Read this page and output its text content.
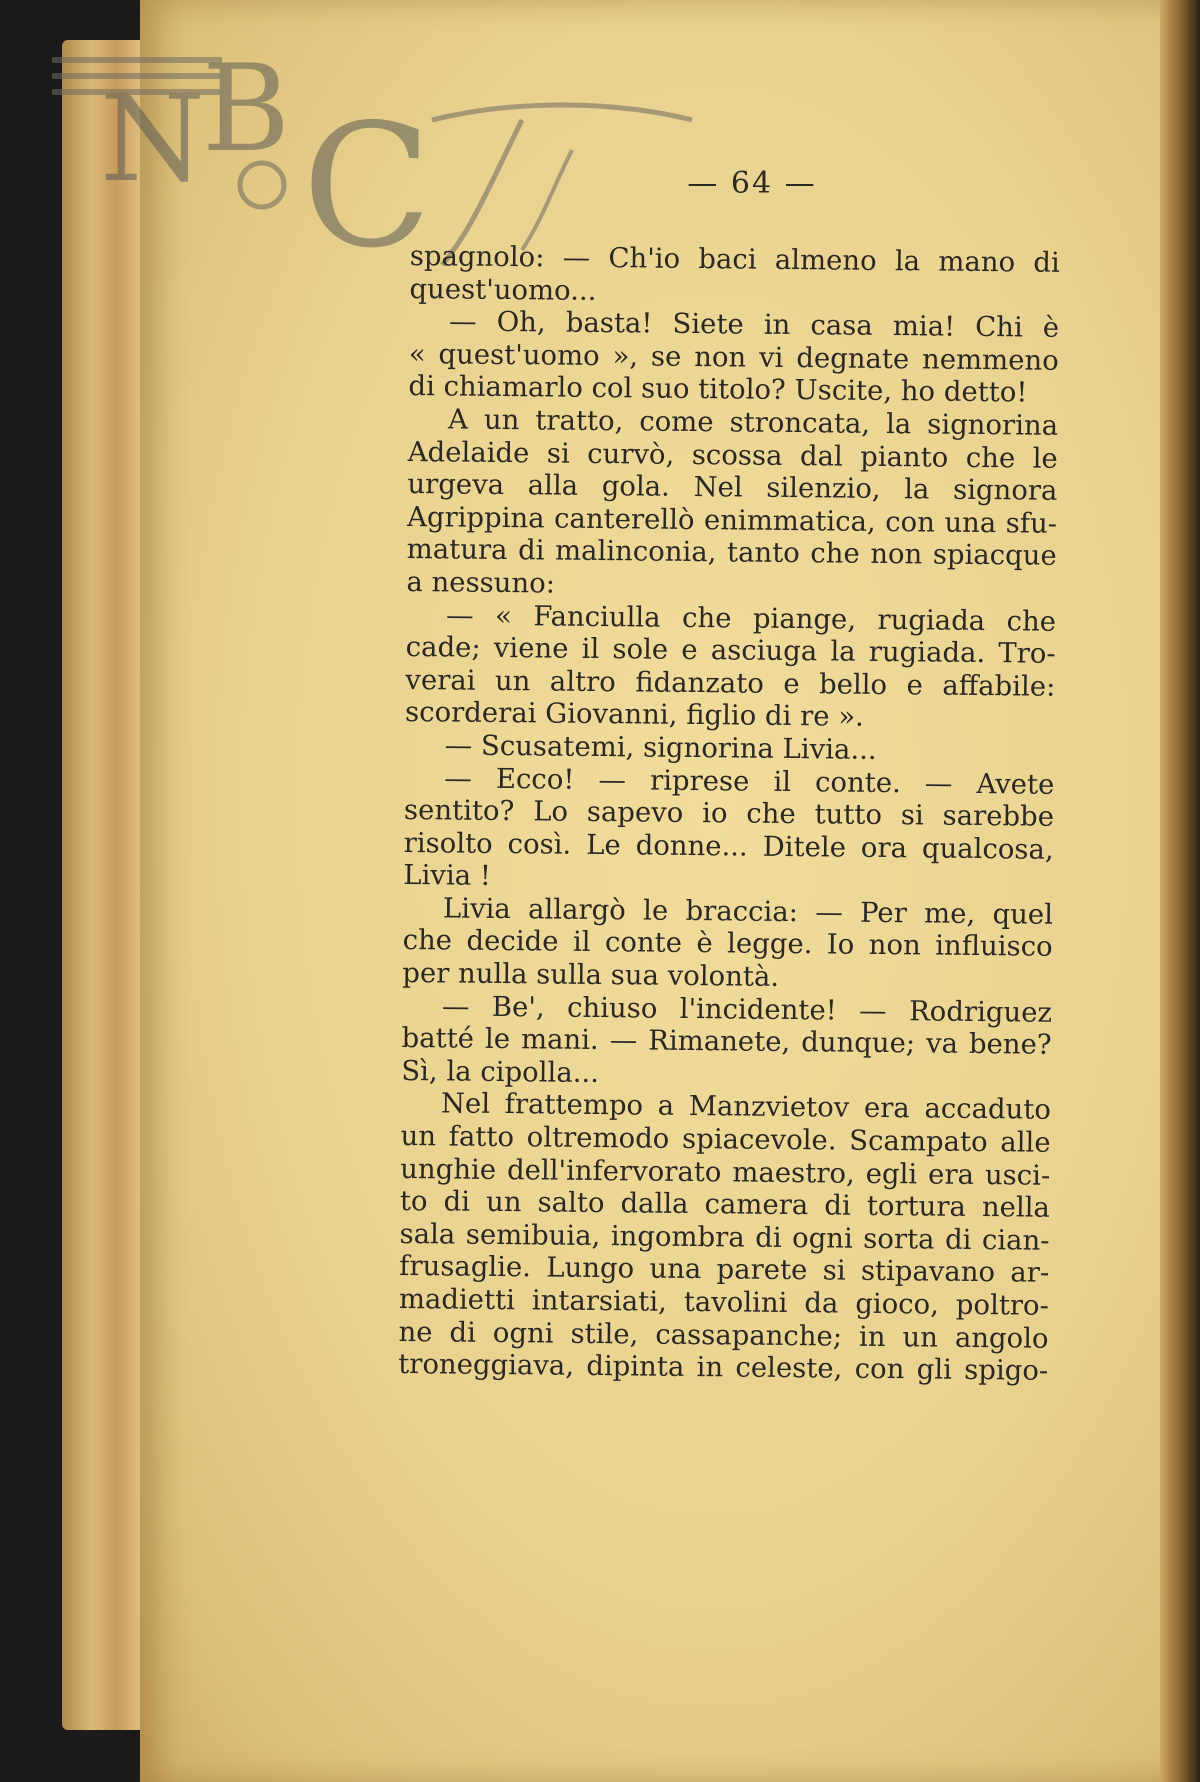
N
B C	— 64 —
spagnolo: — Ch'io baci almeno la mano di
quest'uomo...
— Oh, basta! Siete in casa mia! Chi è
« quest'uomo », se non vi degnate nemmeno
di chiamarlo col suo titolo? Uscite, ho detto!
A un tratto, come stroncata, la signorina
Adelaide si curvò, scossa dal pianto che le
urgeva alla gola. Nel silenzio, la signora
Agrippina canterellò enimmatica, con una sfu-
matura di malinconia, tanto che non spiacque
a nessuno:
— « Fanciulla che piange, rugiada che
cade; viene il sole e asciuga la rugiada. Tro-
verai un altro fidanzato e bello e affabile:
scorderai Giovanni, figlio di re ».
— Scusatemi, signorina Livia...
— Ecco! — riprese il conte. — Avete
sentito? Lo sapevo io che tutto si sarebbe
risolto così. Le donne... Ditele ora qualcosa,
Livia !
Livia allargò le braccia: — Per me, quel
che decide il conte è legge. Io non influisco
per nulla sulla sua volontà.
— Be', chiuso l'incidente! — Rodriguez
batté le mani. — Rimanete, dunque; va bene?
Sì, la cipolla...
Nel frattempo a Manzvietov era accaduto
un fatto oltremodo spiacevole. Scampato alle
unghie dell'infervorato maestro, egli era usci-
to di un salto dalla camera di tortura nella
sala semibuia, ingombra di ogni sorta di cian-
frusaglie. Lungo una parete si stipavano ar-
madietti intarsiati, tavolini da gioco, poltro-
ne di ogni stile, cassapanche; in un angolo
troneggiava, dipinta in celeste, con gli spigo-
